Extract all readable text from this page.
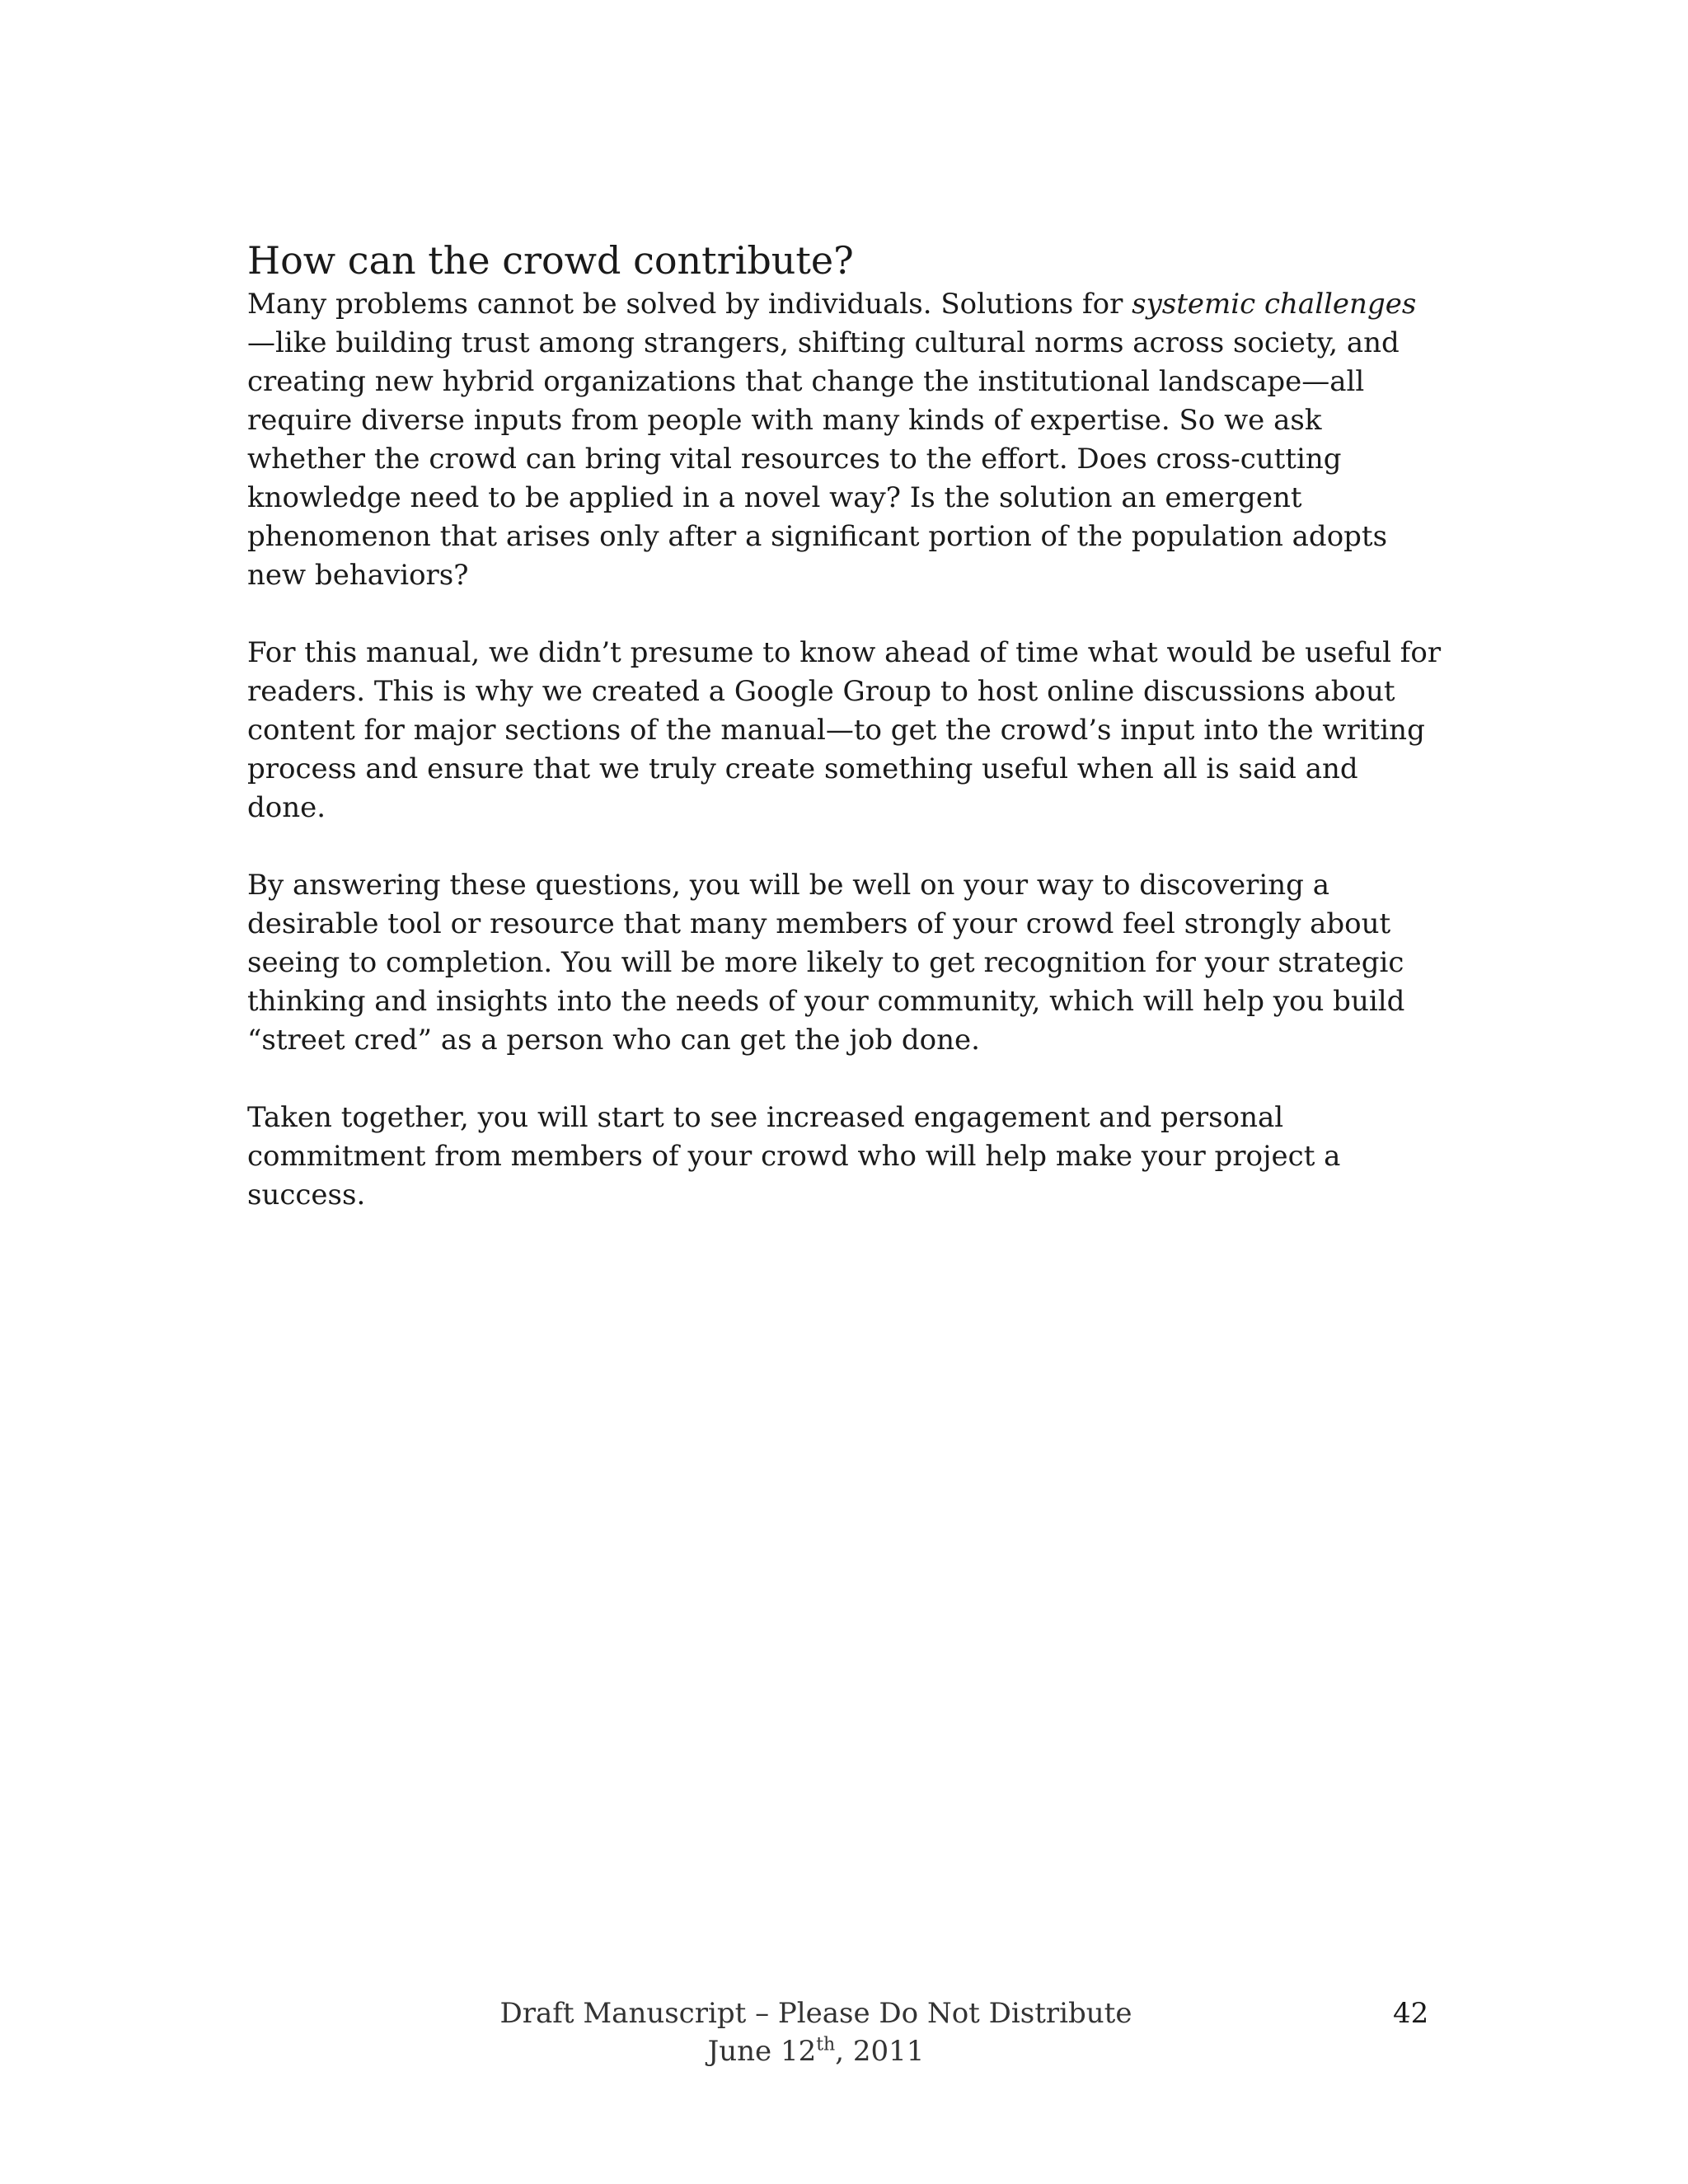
How can the crowd contribute?

Many problems cannot be solved by individuals. Solutions for systemic challenges—like building trust among strangers, shifting cultural norms across society, and creating new hybrid organizations that change the institutional landscape—all require diverse inputs from people with many kinds of expertise. So we ask whether the crowd can bring vital resources to the effort. Does cross-cutting knowledge need to be applied in a novel way? Is the solution an emergent phenomenon that arises only after a significant portion of the population adopts new behaviors?

For this manual, we didn’t presume to know ahead of time what would be useful for readers. This is why we created a Google Group to host online discussions about content for major sections of the manual—to get the crowd’s input into the writing process and ensure that we truly create something useful when all is said and done.

By answering these questions, you will be well on your way to discovering a desirable tool or resource that many members of your crowd feel strongly about seeing to completion. You will be more likely to get recognition for your strategic thinking and insights into the needs of your community, which will help you build “street cred” as a person who can get the job done.

Taken together, you will start to see increased engagement and personal commitment from members of your crowd who will help make your project a success.

Draft Manuscript – Please Do Not Distribute
June 12th, 2011
42
